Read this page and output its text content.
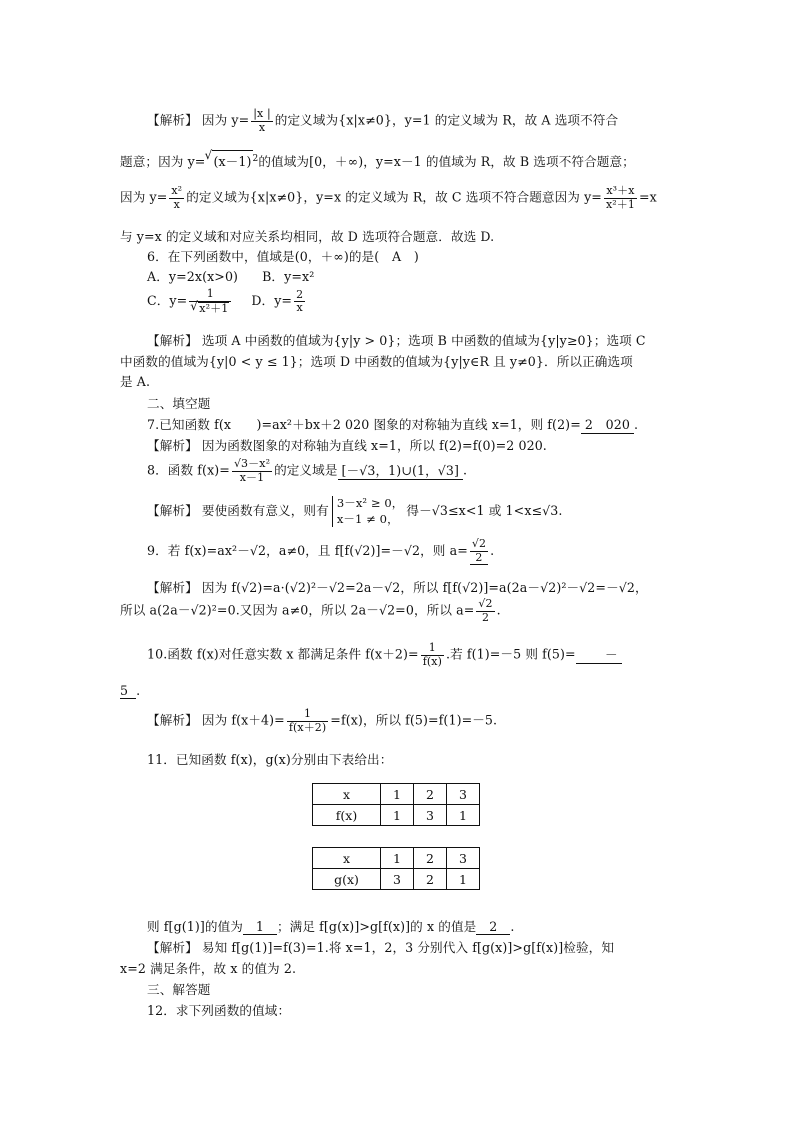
【解析】 因为 $y= \frac{|x |}{x}$ 的定义域为{x|x≠0}，y=1 的定义域为 R，故 A 选项不符合
题意；因为 y= √ $(x-1)^2$的值域为[0，＋∞)，y=x－1 的值域为 R，故 B 选项不符合题意；
因为 $y= \frac{\text{x²}}{x}$ 的定义域为{x|x≠0}，y=x 的定义域为 R，故 C 选项不符合题意因为 $y= \frac{\text{x³＋x}}{\text{x²＋1}} =x$
与 y=x 的定义域和对应关系均相同，故 D 选项符合题意．故选 D.
6．在下列函数中，值域是(0，＋∞)的是(　A　)
A．y=2x(x>0) B．y=x²
C．y= 1
√ x²＋1 D．$y= \frac{2}{x}$
【解析】 选项 A 中函数的值域为{y|y > 0}；选项 B 中函数的值域为{y|y≥0}；选项 C
中函数的值域为{y|0 < y ≤ 1}；选项 D 中函数的值域为{y|y∈R 且 y≠0}．所以正确选项
是 A.
二、填空题
7.已知函数 f(x　　)=ax²＋bx＋2 020 图象的对称轴为直线 x=1，则 f(2)= 2　020 .
【解析】 因为函数图象的对称轴为直线 x=1，所以 f(2)=f(0)=2 020.
8．函数 $f(x)= \frac{\text{√3－x²}}{x-1}$ 的定义域是 [－√3，1)∪(1，√3] .
【解析】 要使函数有意义，则有
3－x² ≥ 0，
x－1 ≠ 0，
得－√3≤x<1 或 1<x≤√3.
9．若 f(x)=ax²－√2，a≠0，且 f[f(√2)]=－√2，则 $a= \frac{√2}{2}$ .
【解析】 因为 f(√2)=a·(√2)²－√2=2a－√2，所以 f[f(√2)]=a(2a－√2)²－√2=－√2，
所以 a(2a－√2)²=0.又因为 a≠0，所以 2a－√2=0，所以 $a= \frac{√2}{2}$ .
10.函数 f(x)对任意实数 x 都满足条件 $f(x+2)= \frac{1}{f(x)}$ .若 f(1)=－5 则 f(5)= －
5 .
【解析】 因为 $f(x+4)= \frac{1}{f(x+2)} =f(x)$，所以 f(5)=f(1)=－5.
11．已知函数 f(x)，g(x)分别由下表给出：
x	1	2	3
f(x)	1	3	1
x	1	2	3
g(x)	3	2	1
则 f[g(1)]的值为 1 ；满足 f[g(x)]>g[f(x)]的 x 的值是 2 .
【解析】 易知 f[g(1)]=f(3)=1.将 x=1，2，3 分别代入 f[g(x)]>g[f(x)]检验，知
x=2 满足条件，故 x 的值为 2.
三、解答题
12．求下列函数的值域：
